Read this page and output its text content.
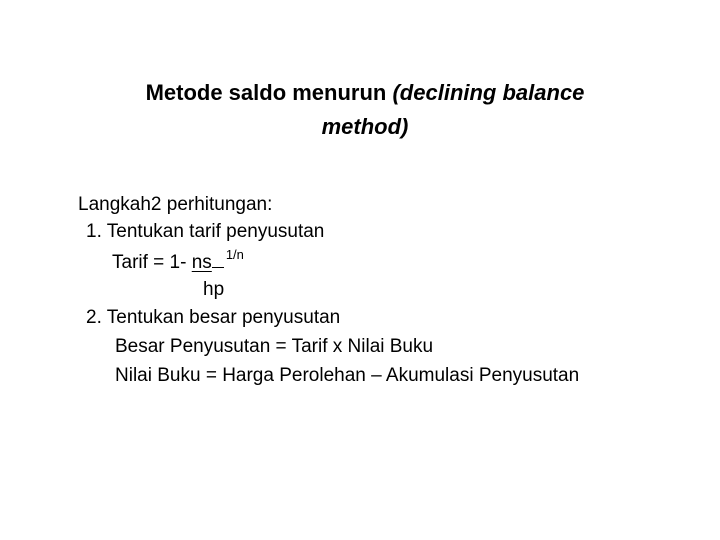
Metode saldo menurun (declining balance
method)
Langkah2 perhitungan:
1. Tentukan tarif penyusutan
Tarif = 1- ns $^{1/n}$
hp
2. Tentukan besar penyusutan
Besar Penyusutan = Tarif x Nilai Buku
Nilai Buku = Harga Perolehan – Akumulasi Penyusutan
